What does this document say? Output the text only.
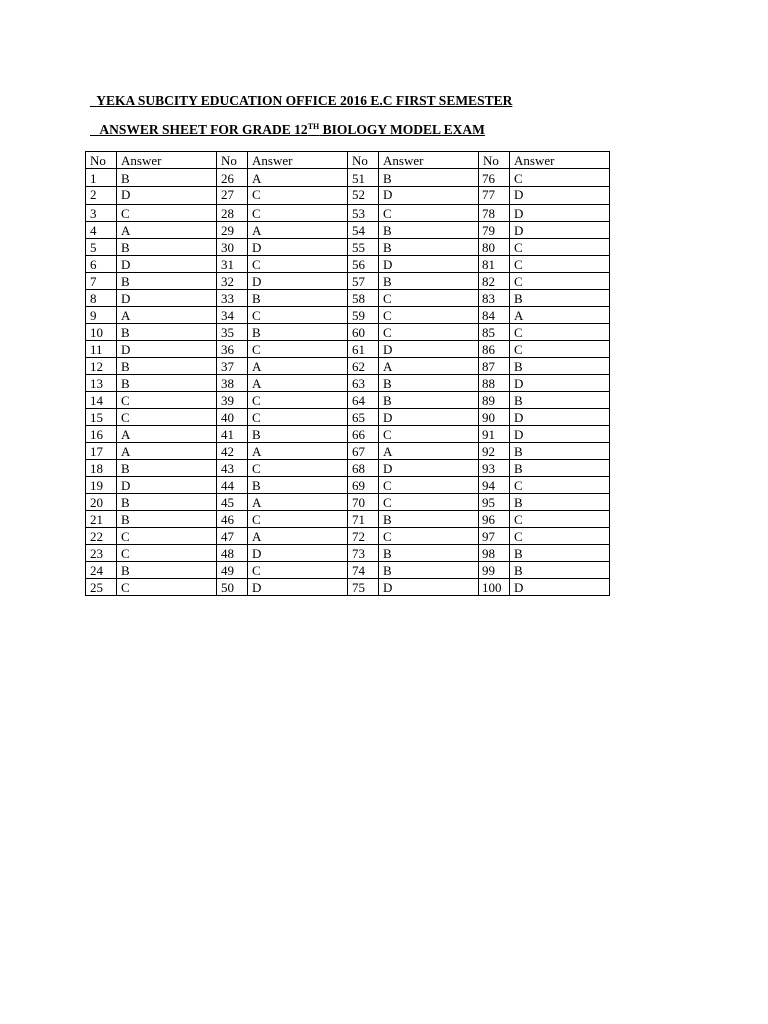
YEKA SUBCITY EDUCATION OFFICE 2016 E.C FIRST SEMESTER
ANSWER SHEET FOR GRADE 12TH BIOLOGY MODEL EXAM
No	Answer	No	Answer	No	Answer	No	Answer
1	B	26	A	51	B	76	C
2	D	27	C	52	D	77	D
3	C	28	C	53	C	78	D
4	A	29	A	54	B	79	D
5	B	30	D	55	B	80	C
6	D	31	C	56	D	81	C
7	B	32	D	57	B	82	C
8	D	33	B	58	C	83	B
9	A	34	C	59	C	84	A
10	B	35	B	60	C	85	C
11	D	36	C	61	D	86	C
12	B	37	A	62	A	87	B
13	B	38	A	63	B	88	D
14	C	39	C	64	B	89	B
15	C	40	C	65	D	90	D
16	A	41	B	66	C	91	D
17	A	42	A	67	A	92	B
18	B	43	C	68	D	93	B
19	D	44	B	69	C	94	C
20	B	45	A	70	C	95	B
21	B	46	C	71	B	96	C
22	C	47	A	72	C	97	C
23	C	48	D	73	B	98	B
24	B	49	C	74	B	99	B
25	C	50	D	75	D	100	D
